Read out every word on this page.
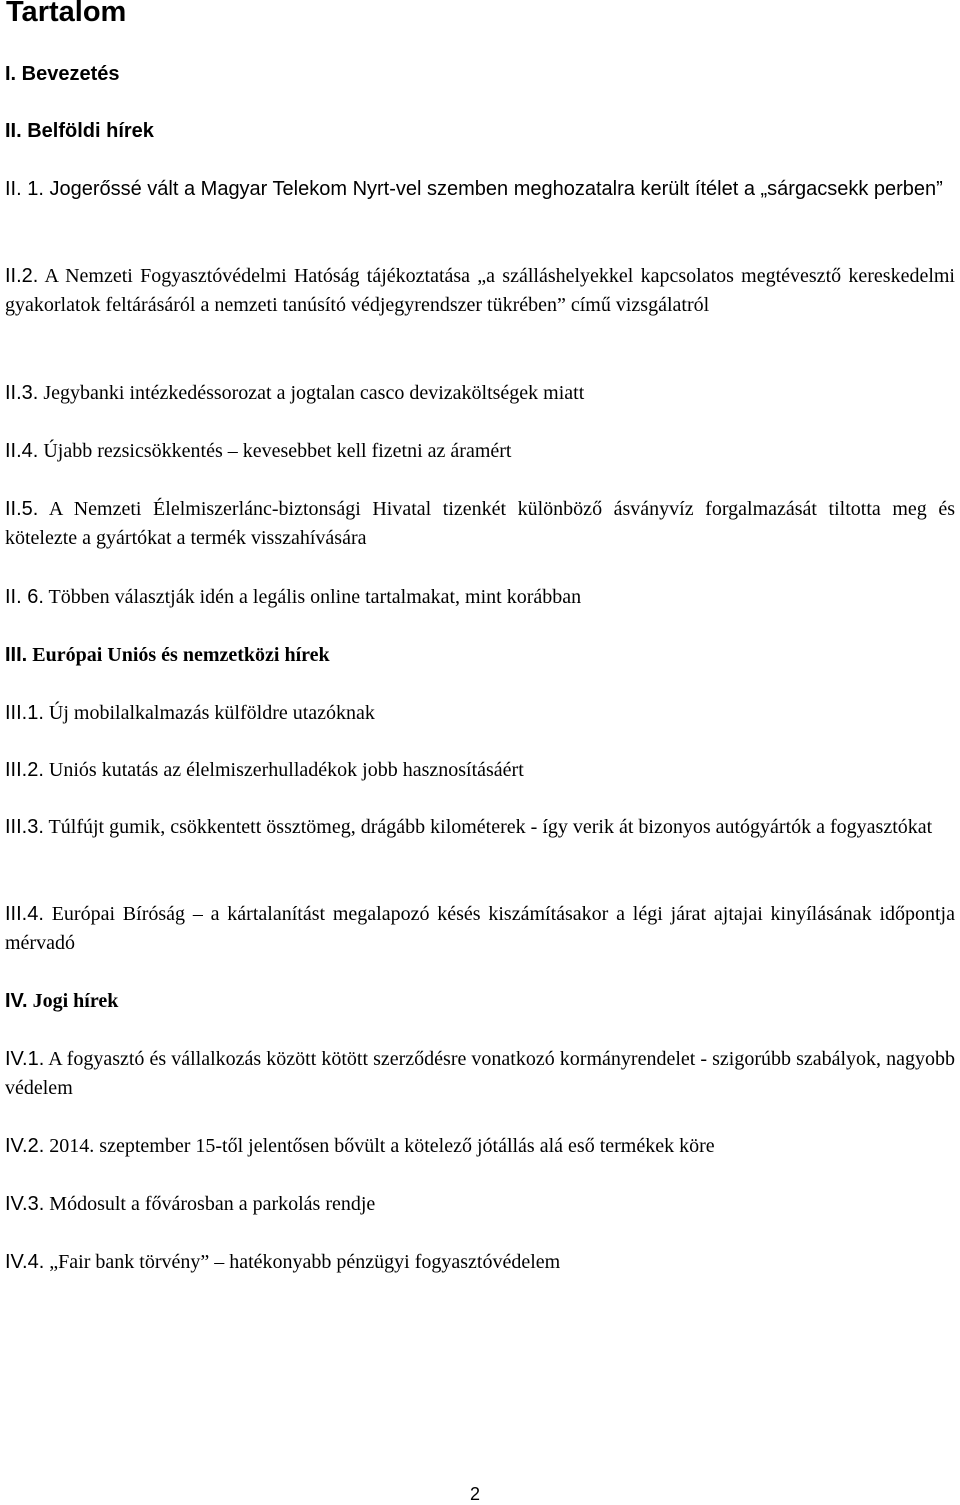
Tartalom
I. Bevezetés
II. Belföldi hírek
II. 1. Jogerőssé vált a Magyar Telekom Nyrt-vel szemben meghozatalra került ítélet a „sárgacsekk perben”
II.2. A Nemzeti Fogyasztóvédelmi Hatóság tájékoztatása „a szálláshelyekkel kapcsolatos megtévesztő kereskedelmi gyakorlatok feltárásáról a nemzeti tanúsító védjegyrendszer tükrében” című vizsgálatról
II.3. Jegybanki intézkedéssorozat a jogtalan casco devizaköltségek miatt
II.4. Újabb rezsicsökkentés – kevesebbet kell fizetni az áramért
II.5. A Nemzeti Élelmiszerlánc-biztonsági Hivatal tizenkét különböző ásványvíz forgalmazását tiltotta meg és kötelezte a gyártókat a termék visszahívására
II. 6. Többen választják idén a legális online tartalmakat, mint korábban
III. Európai Uniós és nemzetközi hírek
III.1. Új mobilalkalmazás külföldre utazóknak
III.2. Uniós kutatás az élelmiszerhulladékok jobb hasznosításáért
III.3. Túlfújt gumik, csökkentett össztömeg, drágább kilométerek - így verik át bizonyos autógyártók a fogyasztókat
III.4. Európai Bíróság – a kártalanítást megalapozó késés kiszámításakor a légi járat ajtajai kinyílásának időpontja mérvadó
IV. Jogi hírek
IV.1. A fogyasztó és vállalkozás között kötött szerződésre vonatkozó kormányrendelet - szigorúbb szabályok, nagyobb védelem
IV.2. 2014. szeptember 15-től jelentősen bővült a kötelező jótállás alá eső termékek köre
IV.3. Módosult a fővárosban a parkolás rendje
IV.4. „Fair bank törvény” – hatékonyabb pénzügyi fogyasztóvédelem
2
